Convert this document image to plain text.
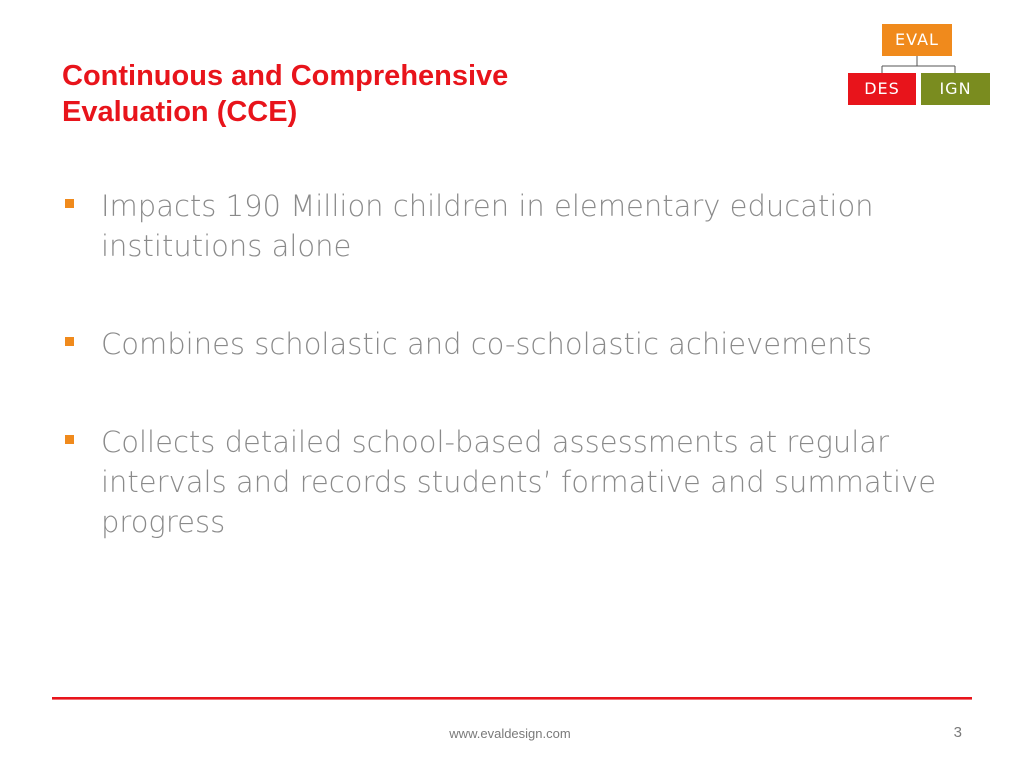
Continuous and Comprehensive
Evaluation (CCE)
EVAL
DES	IGN
Impacts 190 Million children in elementary education institutions alone
Combines scholastic and co-scholastic achievements
Collects detailed school-based assessments at regular intervals and records students’ formative and summative progress
www.evaldesign.com	3
